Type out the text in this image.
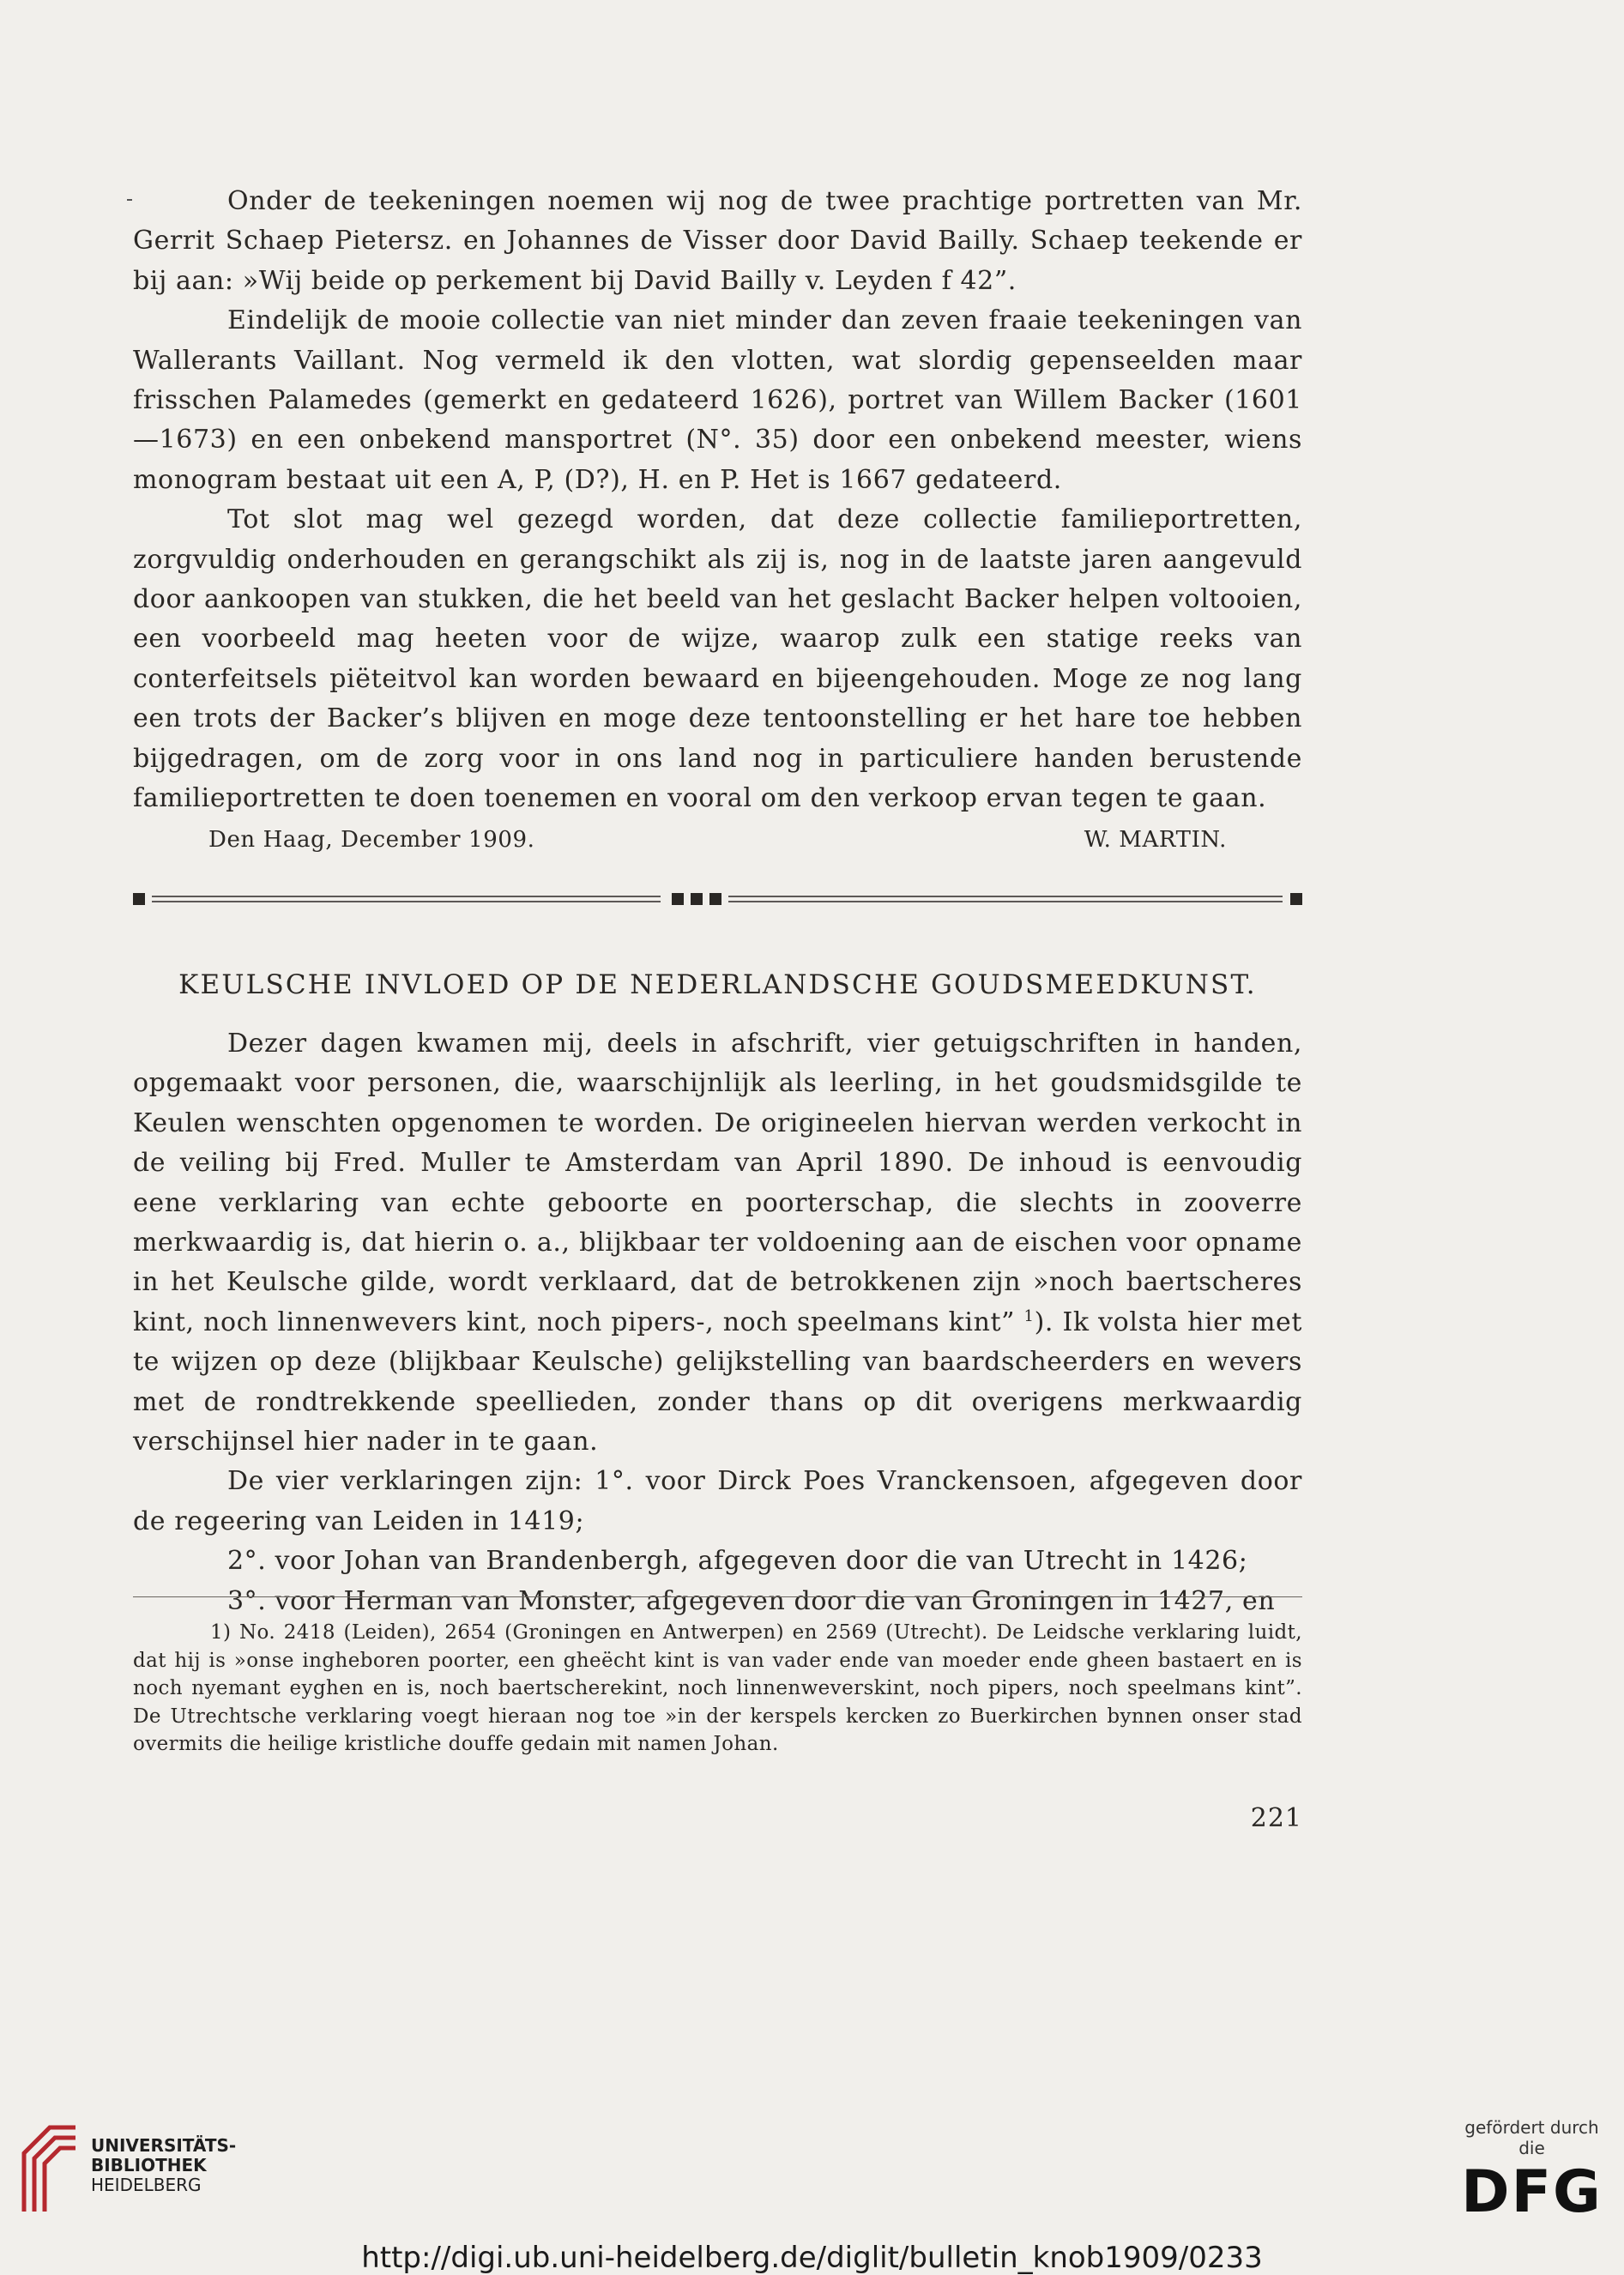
Onder de teekeningen noemen wij nog de twee prachtige portretten van Mr. Gerrit Schaep Pietersz. en Johannes de Visser door David Bailly. Schaep teekende er bij aan: »Wij beide op perkement bij David Bailly v. Leyden f 42”.

Eindelijk de mooie collectie van niet minder dan zeven fraaie teekeningen van Wallerants Vaillant. Nog vermeld ik den vlotten, wat slordig gepenseelden maar frisschen Palamedes (gemerkt en gedateerd 1626), portret van Willem Backer (1601—1673) en een onbekend mansportret (N°. 35) door een onbekend meester, wiens monogram bestaat uit een A, P, (D?), H. en P. Het is 1667 gedateerd.

Tot slot mag wel gezegd worden, dat deze collectie familieportretten, zorgvuldig onderhouden en gerangschikt als zij is, nog in de laatste jaren aangevuld door aankoopen van stukken, die het beeld van het geslacht Backer helpen voltooien, een voorbeeld mag heeten voor de wijze, waarop zulk een statige reeks van conterfeitsels piëteitvol kan worden bewaard en bijeengehouden. Moge ze nog lang een trots der Backer’s blijven en moge deze tentoonstelling er het hare toe hebben bijgedragen, om de zorg voor in ons land nog in particuliere handen berustende familieportretten te doen toenemen en vooral om den verkoop ervan tegen te gaan.

Den Haag, December 1909.	W. MARTIN.
KEULSCHE INVLOED OP DE NEDERLANDSCHE GOUDSMEEDKUNST.

Dezer dagen kwamen mij, deels in afschrift, vier getuigschriften in handen, opgemaakt voor personen, die, waarschijnlijk als leerling, in het goudsmidsgilde te Keulen wenschten opgenomen te worden. De origineelen hiervan werden verkocht in de veiling bij Fred. Muller te Amsterdam van April 1890. De inhoud is eenvoudig eene verklaring van echte geboorte en poorterschap, die slechts in zooverre merkwaardig is, dat hierin o. a., blijkbaar ter voldoening aan de eischen voor opname in het Keulsche gilde, wordt verklaard, dat de betrokkenen zijn »noch baertscheres kint, noch linnenwevers kint, noch pipers-, noch speelmans kint” $^1$). Ik volsta hier met te wijzen op deze (blijkbaar Keulsche) gelijkstelling van baardscheerders en wevers met de rondtrekkende speellieden, zonder thans op dit overigens merkwaardig verschijnsel hier nader in te gaan.

De vier verklaringen zijn: 1°. voor Dirck Poes Vranckensoen, afgegeven door de regeering van Leiden in 1419;

2°. voor Johan van Brandenbergh, afgegeven door die van Utrecht in 1426;

3°. voor Herman van Monster, afgegeven door die van Groningen in 1427, en

1) No. 2418 (Leiden), 2654 (Groningen en Antwerpen) en 2569 (Utrecht). De Leidsche verklaring luidt, dat hij is »onse ingheboren poorter, een gheëcht kint is van vader ende van moeder ende gheen bastaert en is noch nyemant eyghen en is, noch baertscherekint, noch linnenweverskint, noch pipers, noch speelmans kint”. De Utrechtsche verklaring voegt hieraan nog toe »in der kerspels kercken zo Buerkirchen bynnen onser stad overmits die heilige kristliche douffe gedain mit namen Johan.

221
UNIVERSITÄTS-
BIBLIOTHEK
HEIDELBERG
http://digi.ub.uni-heidelberg.de/diglit/bulletin_knob1909/0233
gefördert durch die
DFG
